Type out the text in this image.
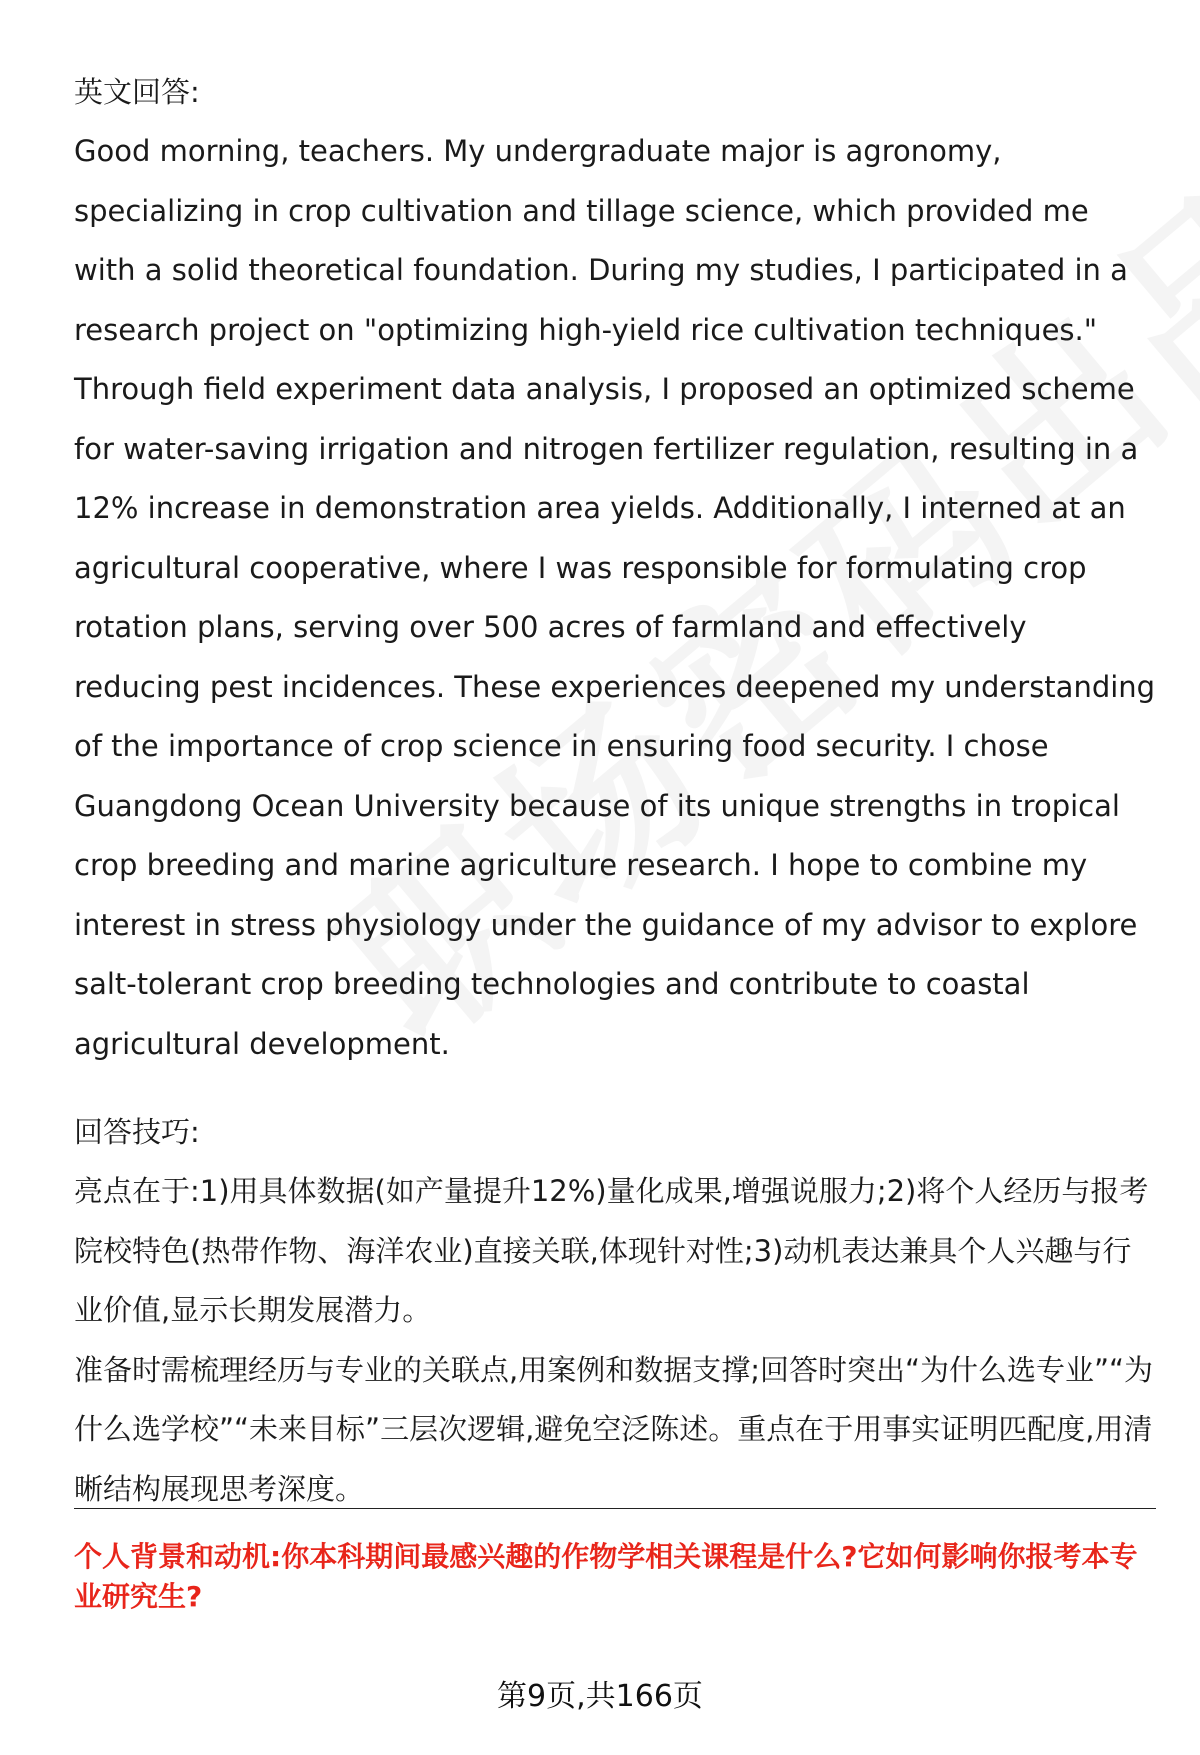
英文回答:

Good morning, teachers. My undergraduate major is agronomy, specializing in crop cultivation and tillage science, which provided me with a solid theoretical foundation. During my studies, I participated in a research project on "optimizing high-yield rice cultivation techniques." Through field experiment data analysis, I proposed an optimized scheme for water-saving irrigation and nitrogen fertilizer regulation, resulting in a 12% increase in demonstration area yields. Additionally, I interned at an agricultural cooperative, where I was responsible for formulating crop rotation plans, serving over 500 acres of farmland and effectively reducing pest incidences. These experiences deepened my understanding of the importance of crop science in ensuring food security. I chose Guangdong Ocean University because of its unique strengths in tropical crop breeding and marine agriculture research. I hope to combine my interest in stress physiology under the guidance of my advisor to explore salt-tolerant crop breeding technologies and contribute to coastal agricultural development.

回答技巧:

亮点在于:1)用具体数据(如产量提升12%)量化成果,增强说服力;2)将个人经历与报考院校特色(热带作物、海洋农业)直接关联,体现针对性;3)动机表达兼具个人兴趣与行业价值,显示长期发展潜力。

准备时需梳理经历与专业的关联点,用案例和数据支撑;回答时突出“为什么选专业”“为什么选学校”“未来目标”三层次逻辑,避免空泛陈述。重点在于用事实证明匹配度,用清晰结构展现思考深度。

个人背景和动机:你本科期间最感兴趣的作物学相关课程是什么?它如何影响你报考本专业研究生?

第9页,共166页
